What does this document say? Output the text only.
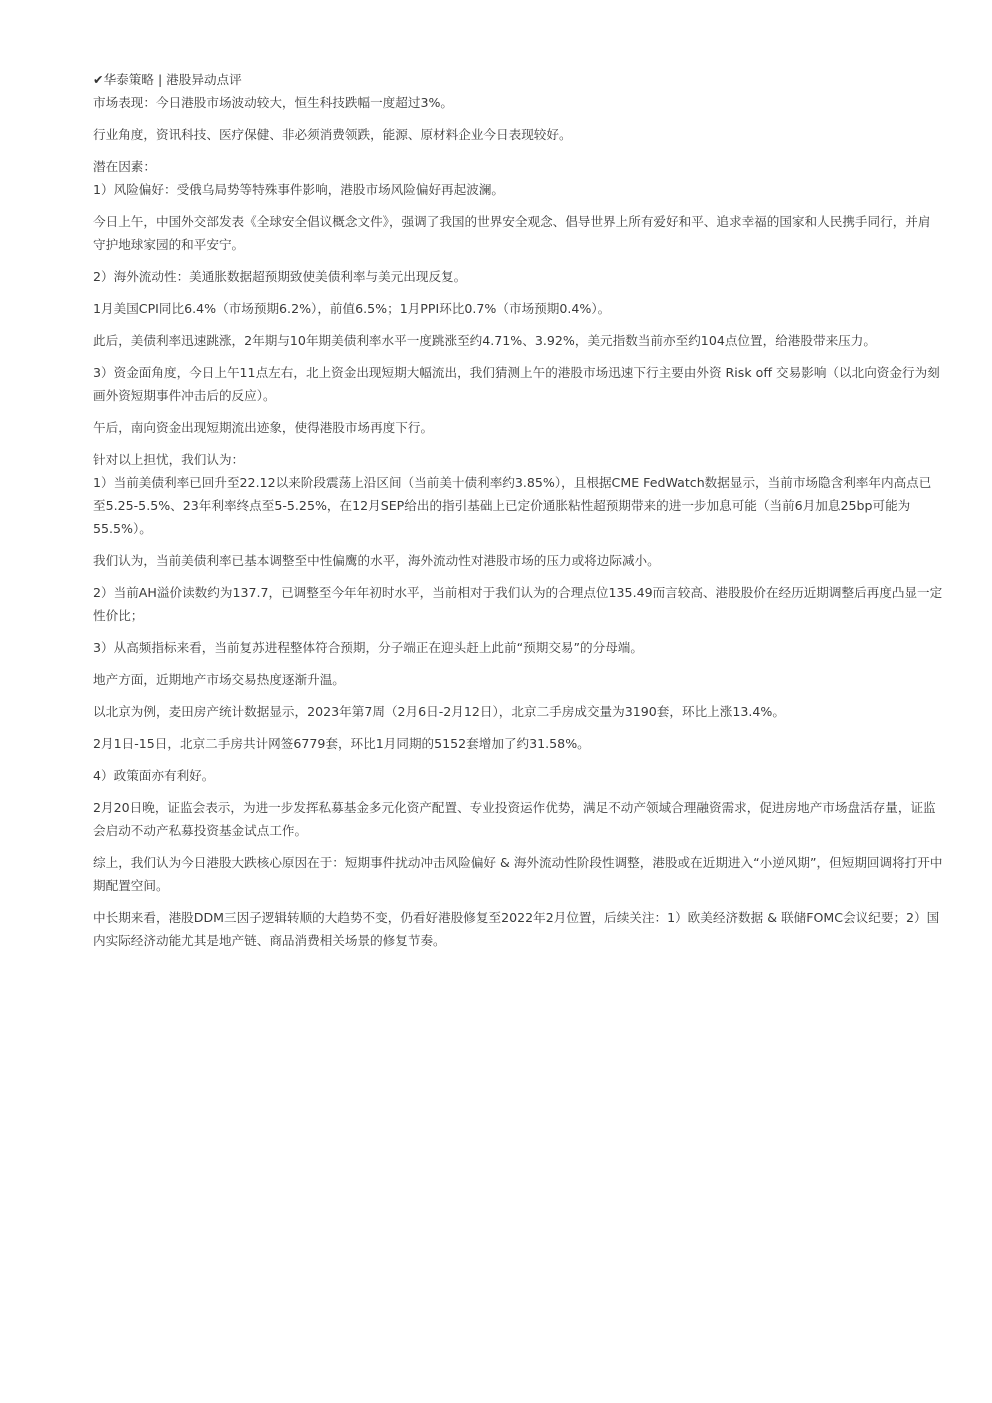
✔华泰策略 | 港股异动点评

市场表现：今日港股市场波动较大，恒生科技跌幅一度超过3%。

行业角度，资讯科技、医疗保健、非必须消费领跌，能源、原材料企业今日表现较好。

潜在因素：

1）风险偏好：受俄乌局势等特殊事件影响，港股市场风险偏好再起波澜。

今日上午，中国外交部发表《全球安全倡议概念文件》，强调了我国的世界安全观念、倡导世界上所有爱好和平、追求幸福的国家和人民携手同行，并肩守护地球家园的和平安宁。

2）海外流动性：美通胀数据超预期致使美债利率与美元出现反复。

1月美国CPI同比6.4%（市场预期6.2%），前值6.5%；1月PPI环比0.7%（市场预期0.4%）。

此后，美债利率迅速跳涨，2年期与10年期美债利率水平一度跳涨至约4.71%、3.92%，美元指数当前亦至约104点位置，给港股带来压力。

3）资金面角度，今日上午11点左右，北上资金出现短期大幅流出，我们猜测上午的港股市场迅速下行主要由外资 Risk off 交易影响（以北向资金行为刻画外资短期事件冲击后的反应）。

午后，南向资金出现短期流出迹象，使得港股市场再度下行。

针对以上担忧，我们认为：

1）当前美债利率已回升至22.12以来阶段震荡上沿区间（当前美十债利率约3.85%），且根据CME FedWatch数据显示，当前市场隐含利率年内高点已至5.25-5.5%、23年利率终点至5-5.25%，在12月SEP给出的指引基础上已定价通胀粘性超预期带来的进一步加息可能（当前6月加息25bp可能为55.5%）。

我们认为，当前美债利率已基本调整至中性偏鹰的水平，海外流动性对港股市场的压力或将边际减小。

2）当前AH溢价读数约为137.7，已调整至今年年初时水平，当前相对于我们认为的合理点位135.49而言较高、港股股价在经历近期调整后再度凸显一定性价比；

3）从高频指标来看，当前复苏进程整体符合预期，分子端正在迎头赶上此前“预期交易”的分母端。

地产方面，近期地产市场交易热度逐渐升温。

以北京为例，麦田房产统计数据显示，2023年第7周（2月6日-2月12日），北京二手房成交量为3190套，环比上涨13.4%。

2月1日-15日，北京二手房共计网签6779套，环比1月同期的5152套增加了约31.58%。

4）政策面亦有利好。

2月20日晚，证监会表示，为进一步发挥私募基金多元化资产配置、专业投资运作优势，满足不动产领域合理融资需求，促进房地产市场盘活存量，证监会启动不动产私募投资基金试点工作。

综上，我们认为今日港股大跌核心原因在于：短期事件扰动冲击风险偏好 & 海外流动性阶段性调整，港股或在近期进入“小逆风期”，但短期回调将打开中期配置空间。

中长期来看，港股DDM三因子逻辑转顺的大趋势不变，仍看好港股修复至2022年2月位置，后续关注：1）欧美经济数据 & 联储FOMC会议纪要；2）国内实际经济动能尤其是地产链、商品消费相关场景的修复节奏。
